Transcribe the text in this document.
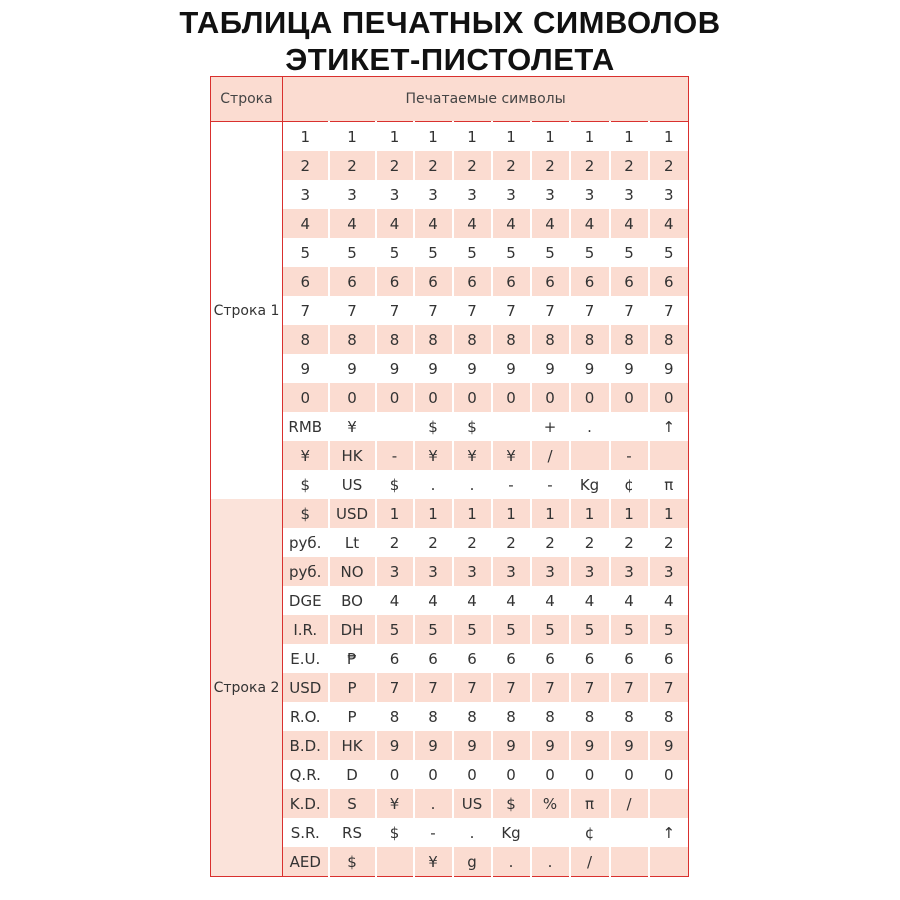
ТАБЛИЦА ПЕЧАТНЫХ СИМВОЛОВ
ЭТИКЕТ-ПИСТОЛЕТА
Строка	Печатаемые символы									
Строка 1	1	1	1	1	1	1	1	1	1	1
	2	2	2	2	2	2	2	2	2	2
	3	3	3	3	3	3	3	3	3	3
	4	4	4	4	4	4	4	4	4	4
	5	5	5	5	5	5	5	5	5	5
	6	6	6	6	6	6	6	6	6	6
	7	7	7	7	7	7	7	7	7	7
	8	8	8	8	8	8	8	8	8	8
	9	9	9	9	9	9	9	9	9	9
	0	0	0	0	0	0	0	0	0	0
	RMB	¥		$	$		+	.		↑
	¥	HK	-	¥	¥	¥	/		-	
	$	US	$	.	.	-	-	Kg	¢	π
Строка 2	$	USD	1	1	1	1	1	1	1	1
	руб.	Lt	2	2	2	2	2	2	2	2
	руб.	NO	3	3	3	3	3	3	3	3
	DGE	BO	4	4	4	4	4	4	4	4
	I.R.	DH	5	5	5	5	5	5	5	5
	E.U.	₱	6	6	6	6	6	6	6	6
	USD	Р	7	7	7	7	7	7	7	7
	R.O.	P	8	8	8	8	8	8	8	8
	B.D.	HK	9	9	9	9	9	9	9	9
	Q.R.	D	0	0	0	0	0	0	0	0
	K.D.	S	¥	.	US	$	%	π	/	
	S.R.	RS	$	-	.	Kg		¢		↑
	AED	$		¥	g	.	.	/		
